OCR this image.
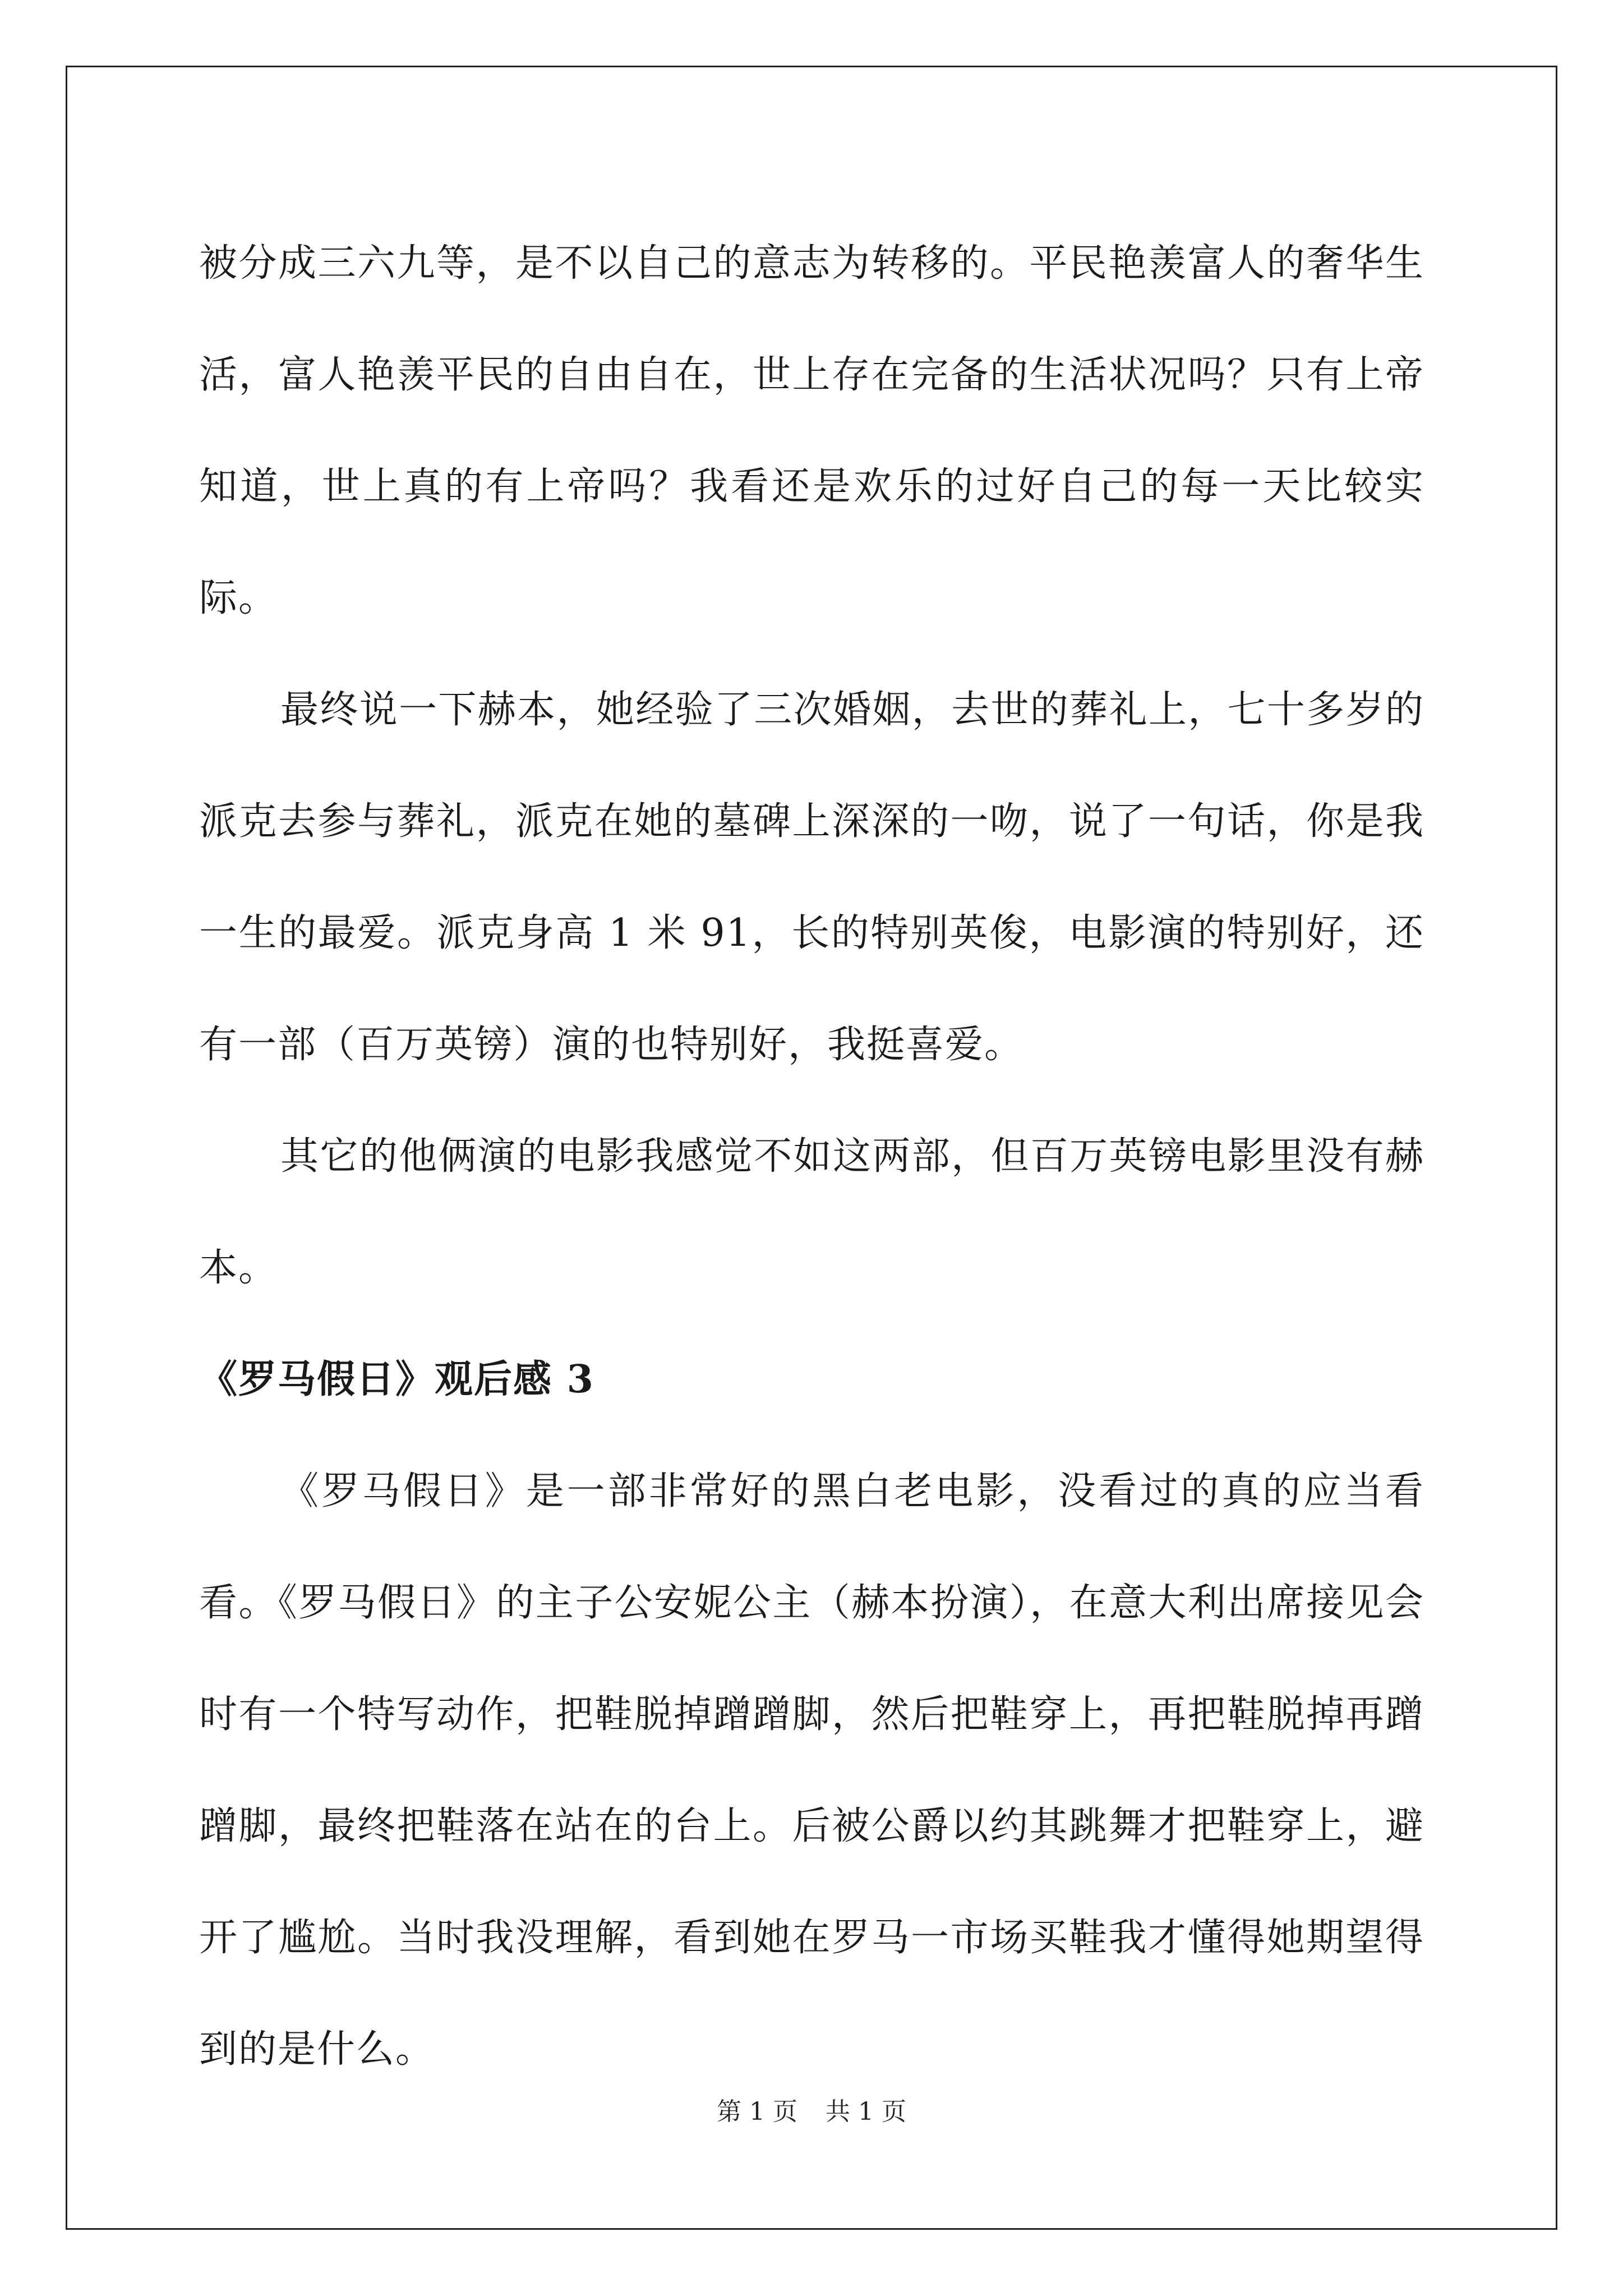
被分成三六九等，是不以自己的意志为转移的。平民艳羡富人的奢华生活，富人艳羡平民的自由自在，世上存在完备的生活状况吗？只有上帝知道，世上真的有上帝吗？我看还是欢乐的过好自己的每一天比较实际。

最终说一下赫本，她经验了三次婚姻，去世的葬礼上，七十多岁的派克去参与葬礼，派克在她的墓碑上深深的一吻，说了一句话，你是我一生的最爱。派克身高 1 米 91，长的特别英俊，电影演的特别好，还有一部（百万英镑）演的也特别好，我挺喜爱。

其它的他俩演的电影我感觉不如这两部，但百万英镑电影里没有赫本。

《罗马假日》观后感 3

《罗马假日》是一部非常好的黑白老电影，没看过的真的应当看看。《罗马假日》的主子公安妮公主（赫本扮演），在意大利出席接见会时有一个特写动作，把鞋脱掉蹭蹭脚，然后把鞋穿上，再把鞋脱掉再蹭蹭脚，最终把鞋落在站在的台上。后被公爵以约其跳舞才把鞋穿上，避开了尴尬。当时我没理解，看到她在罗马一市场买鞋我才懂得她期望得到的是什么。

第 1 页 共 1 页
